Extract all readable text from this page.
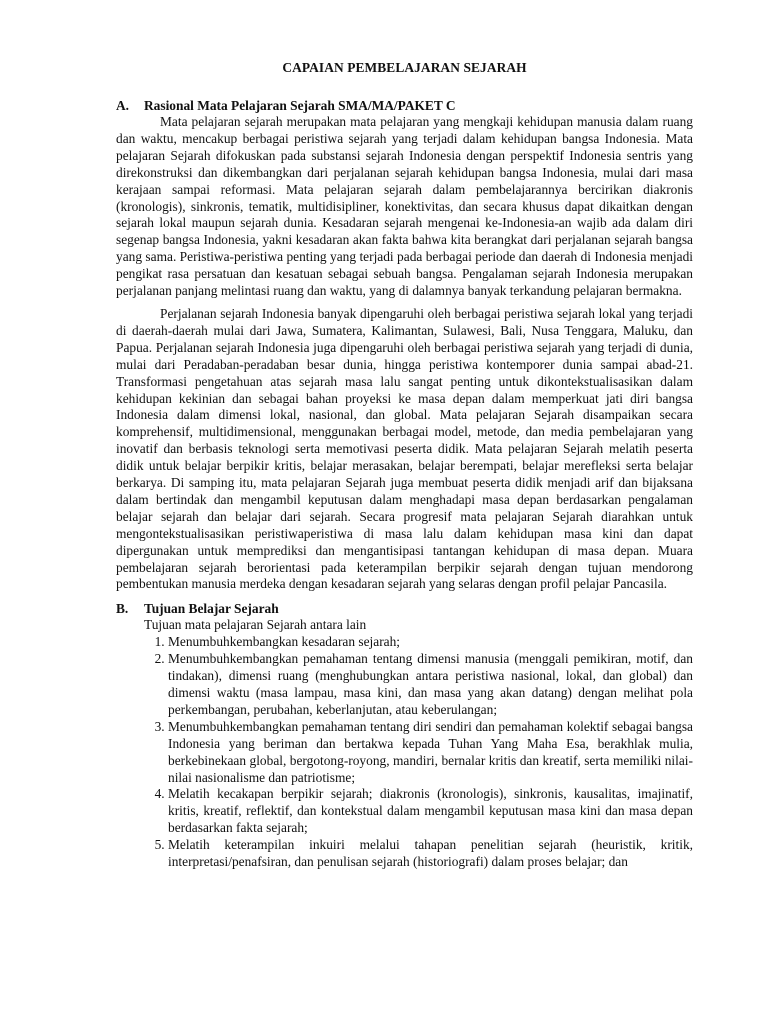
CAPAIAN PEMBELAJARAN SEJARAH
A.	Rasional Mata Pelajaran Sejarah SMA/MA/PAKET C

Mata pelajaran sejarah merupakan mata pelajaran yang mengkaji kehidupan manusia dalam ruang dan waktu, mencakup berbagai peristiwa sejarah yang terjadi dalam kehidupan bangsa Indonesia. Mata pelajaran Sejarah difokuskan pada substansi sejarah Indonesia dengan perspektif Indonesia sentris yang direkonstruksi dan dikembangkan dari perjalanan sejarah kehidupan bangsa Indonesia, mulai dari masa kerajaan sampai reformasi. Mata pelajaran sejarah dalam pembelajarannya bercirikan diakronis (kronologis), sinkronis, tematik, multidisipliner, konektivitas, dan secara khusus dapat dikaitkan dengan sejarah lokal maupun sejarah dunia. Kesadaran sejarah mengenai ke-Indonesia-an wajib ada dalam diri segenap bangsa Indonesia, yakni kesadaran akan fakta bahwa kita berangkat dari perjalanan sejarah bangsa yang sama. Peristiwa-peristiwa penting yang terjadi pada berbagai periode dan daerah di Indonesia menjadi pengikat rasa persatuan dan kesatuan sebagai sebuah bangsa. Pengalaman sejarah Indonesia merupakan perjalanan panjang melintasi ruang dan waktu, yang di dalamnya banyak terkandung pelajaran bermakna.

Perjalanan sejarah Indonesia banyak dipengaruhi oleh berbagai peristiwa sejarah lokal yang terjadi di daerah-daerah mulai dari Jawa, Sumatera, Kalimantan, Sulawesi, Bali, Nusa Tenggara, Maluku, dan Papua. Perjalanan sejarah Indonesia juga dipengaruhi oleh berbagai peristiwa sejarah yang terjadi di dunia, mulai dari Peradaban-peradaban besar dunia, hingga peristiwa kontemporer dunia sampai abad-21. Transformasi pengetahuan atas sejarah masa lalu sangat penting untuk dikontekstualisasikan dalam kehidupan kekinian dan sebagai bahan proyeksi ke masa depan dalam memperkuat jati diri bangsa Indonesia dalam dimensi lokal, nasional, dan global. Mata pelajaran Sejarah disampaikan secara komprehensif, multidimensional, menggunakan berbagai model, metode, dan media pembelajaran yang inovatif dan berbasis teknologi serta memotivasi peserta didik. Mata pelajaran Sejarah melatih peserta didik untuk belajar berpikir kritis, belajar merasakan, belajar berempati, belajar merefleksi serta belajar berkarya. Di samping itu, mata pelajaran Sejarah juga membuat peserta didik menjadi arif dan bijaksana dalam bertindak dan mengambil keputusan dalam menghadapi masa depan berdasarkan pengalaman belajar sejarah dan belajar dari sejarah. Secara progresif mata pelajaran Sejarah diarahkan untuk mengontekstualisasikan peristiwaperistiwa di masa lalu dalam kehidupan masa kini dan dapat dipergunakan untuk memprediksi dan mengantisipasi tantangan kehidupan di masa depan. Muara pembelajaran sejarah berorientasi pada keterampilan berpikir sejarah dengan tujuan mendorong pembentukan manusia merdeka dengan kesadaran sejarah yang selaras dengan profil pelajar Pancasila.

B.	Tujuan Belajar Sejarah

Tujuan mata pelajaran Sejarah antara lain

1. Menumbuhkembangkan kesadaran sejarah;
2. Menumbuhkembangkan pemahaman tentang dimensi manusia (menggali pemikiran, motif, dan tindakan), dimensi ruang (menghubungkan antara peristiwa nasional, lokal, dan global) dan dimensi waktu (masa lampau, masa kini, dan masa yang akan datang) dengan melihat pola perkembangan, perubahan, keberlanjutan, atau keberulangan;
3. Menumbuhkembangkan pemahaman tentang diri sendiri dan pemahaman kolektif sebagai bangsa Indonesia yang beriman dan bertakwa kepada Tuhan Yang Maha Esa, berakhlak mulia, berkebinekaan global, bergotong-royong, mandiri, bernalar kritis dan kreatif, serta memiliki nilai-nilai nasionalisme dan patriotisme;
4. Melatih kecakapan berpikir sejarah; diakronis (kronologis), sinkronis, kausalitas, imajinatif, kritis, kreatif, reflektif, dan kontekstual dalam mengambil keputusan masa kini dan masa depan berdasarkan fakta sejarah;
5. Melatih keterampilan inkuiri melalui tahapan penelitian sejarah (heuristik, kritik, interpretasi/penafsiran, dan penulisan sejarah (historiografi) dalam proses belajar; dan
